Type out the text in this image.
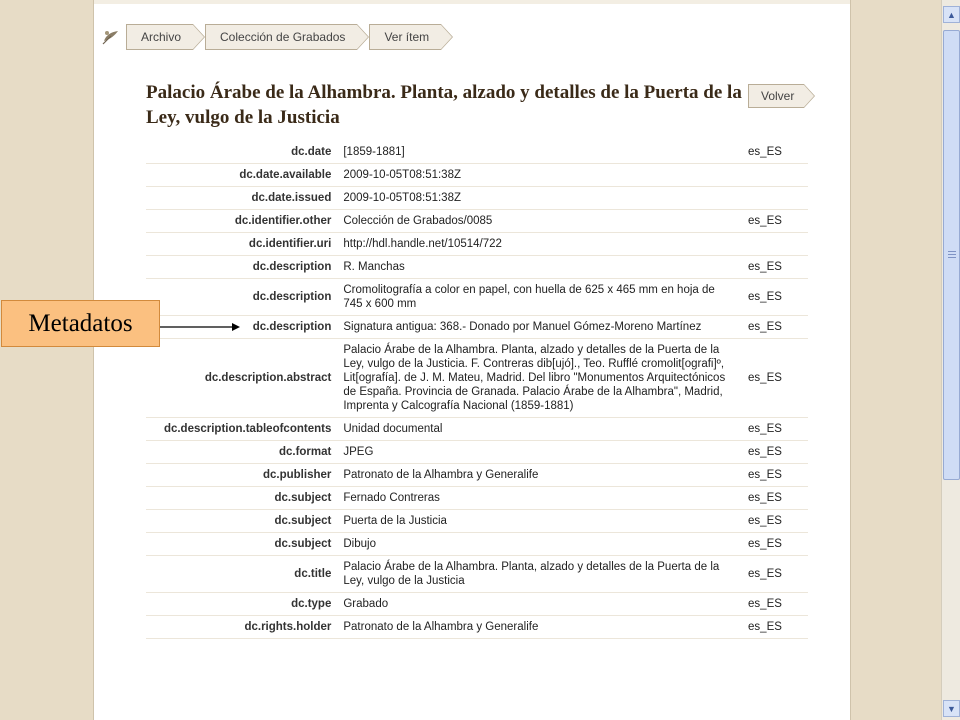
Archivo	Colección de Grabados	Ver ítem
Palacio Árabe de la Alhambra. Planta, alzado y detalles de la Puerta de la Ley, vulgo de la Justicia
Volver
dc.date	[1859-1881]	es_ES
dc.date.available	2009-10-05T08:51:38Z	
dc.date.issued	2009-10-05T08:51:38Z	
dc.identifier.other	Colección de Grabados/0085	es_ES
dc.identifier.uri	http://hdl.handle.net/10514/722	
dc.description	R. Manchas	es_ES
dc.description	Cromolitografía a color en papel, con huella de 625 x 465 mm en hoja de 745 x 600 mm	es_ES
dc.description	Signatura antigua: 368.- Donado por Manuel Gómez-Moreno Martínez	es_ES
dc.description.abstract	Palacio Árabe de la Alhambra. Planta, alzado y detalles de la Puerta de la Ley, vulgo de la Justicia. F. Contreras dib[ujó]., Teo. Rufflé cromolit[ografi]º, Lit[ografía]. de J. M. Mateu, Madrid. Del libro "Monumentos Arquitectónicos de España. Provincia de Granada. Palacio Árabe de la Alhambra", Madrid, Imprenta y Calcografía Nacional (1859-1881)	es_ES
dc.description.tableofcontents	Unidad documental	es_ES
dc.format	JPEG	es_ES
dc.publisher	Patronato de la Alhambra y Generalife	es_ES
dc.subject	Fernado Contreras	es_ES
dc.subject	Puerta de la Justicia	es_ES
dc.subject	Dibujo	es_ES
dc.title	Palacio Árabe de la Alhambra. Planta, alzado y detalles de la Puerta de la Ley, vulgo de la Justicia	es_ES
dc.type	Grabado	es_ES
dc.rights.holder	Patronato de la Alhambra y Generalife	es_ES
▲
▼
Metadatos
